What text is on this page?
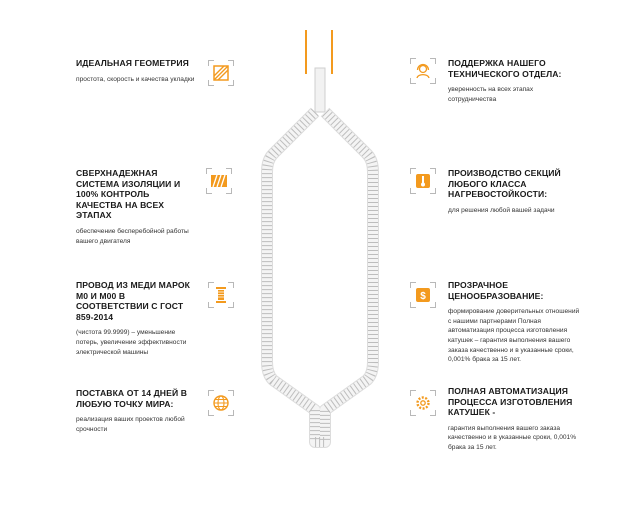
ИДЕАЛЬНАЯ ГЕОМЕТРИЯ
простота, скорость и качества укладки
СВЕРХНАДЕЖНАЯ СИСТЕМА ИЗОЛЯЦИИ И 100% КОНТРОЛЬ КАЧЕСТВА НА ВСЕХ ЭТАПАХ
обеспечение бесперебойной работы вашего двигателя
ПРОВОД ИЗ МЕДИ МАРОК М0 И М00 В СООТВЕТСТВИИ С ГОСТ 859-2014
(чистота 99.9999) – уменьшение потерь, увеличение эффективности электрической машины
ПОСТАВКА ОТ 14 ДНЕЙ В ЛЮБУЮ ТОЧКУ МИРА:
реализация ваших проектов любой срочности
ПОДДЕРЖКА НАШЕГО ТЕХНИЧЕСКОГО ОТДЕЛА:
уверенность на всех этапах сотрудничества
ПРОИЗВОДСТВО СЕКЦИЙ ЛЮБОГО КЛАССА НАГРЕВОСТОЙКОСТИ:
для решения любой вашей задачи
$
ПРОЗРАЧНОЕ ЦЕНООБРАЗОВАНИЕ:
формирование доверительных отношений с нашими партнерами Полная автоматизация процесса изготовления катушек – гарантия выполнения вашего заказа качественно и в указанные сроки, 0,001% брака за 15 лет.
ПОЛНАЯ АВТОМАТИЗАЦИЯ ПРОЦЕССА ИЗГОТОВЛЕНИЯ КАТУШЕК -
гарантия выполнения вашего заказа качественно и в указанные сроки, 0,001% брака за 15 лет.
